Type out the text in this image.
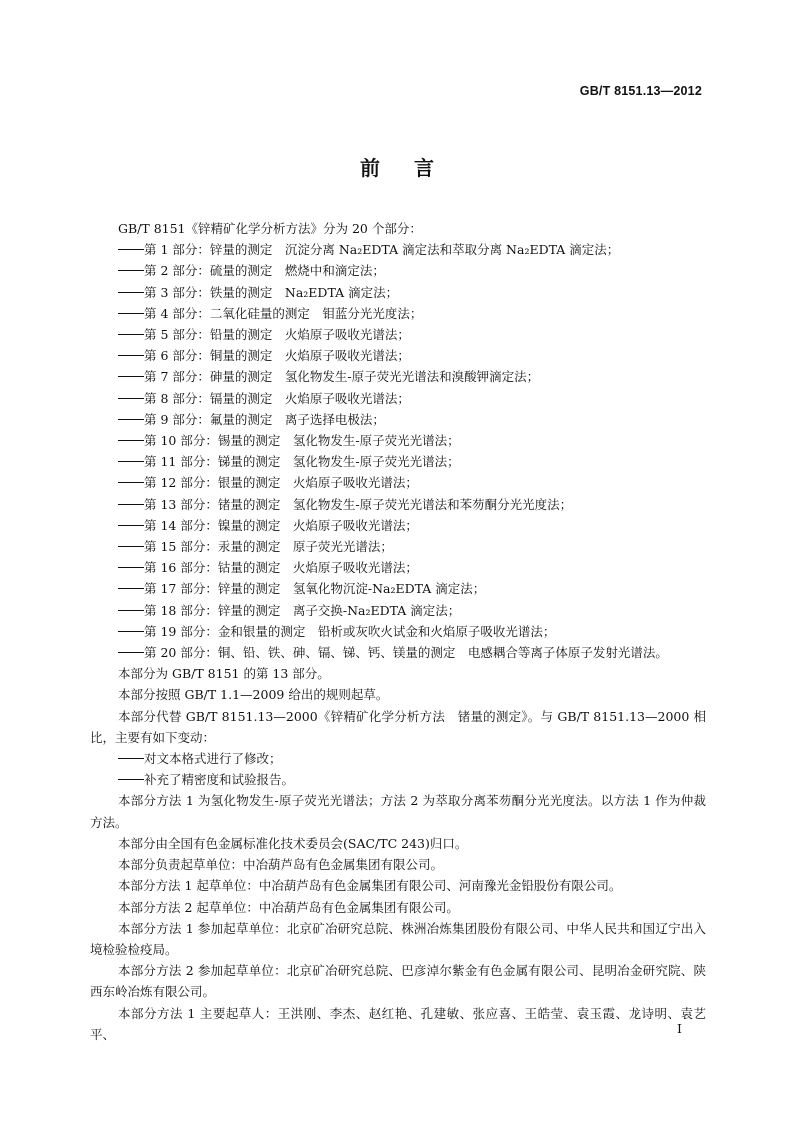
GB/T 8151.13—2012
前言

GB/T 8151《锌精矿化学分析方法》分为 20 个部分：

第 1 部分：锌量的测定　沉淀分离 Na₂EDTA 滴定法和萃取分离 Na₂EDTA 滴定法；

第 2 部分：硫量的测定　燃烧中和滴定法；

第 3 部分：铁量的测定　Na₂EDTA 滴定法；

第 4 部分：二氧化硅量的测定　钼蓝分光光度法；

第 5 部分：铅量的测定　火焰原子吸收光谱法；

第 6 部分：铜量的测定　火焰原子吸收光谱法；

第 7 部分：砷量的测定　氢化物发生-原子荧光光谱法和溴酸钾滴定法；

第 8 部分：镉量的测定　火焰原子吸收光谱法；

第 9 部分：氟量的测定　离子选择电极法；

第 10 部分：锡量的测定　氢化物发生-原子荧光光谱法；

第 11 部分：锑量的测定　氢化物发生-原子荧光光谱法；

第 12 部分：银量的测定　火焰原子吸收光谱法；

第 13 部分：锗量的测定　氢化物发生-原子荧光光谱法和苯芴酮分光光度法；

第 14 部分：镍量的测定　火焰原子吸收光谱法；

第 15 部分：汞量的测定　原子荧光光谱法；

第 16 部分：钴量的测定　火焰原子吸收光谱法；

第 17 部分：锌量的测定　氢氧化物沉淀-Na₂EDTA 滴定法；

第 18 部分：锌量的测定　离子交换-Na₂EDTA 滴定法；

第 19 部分：金和银量的测定　铅析或灰吹火试金和火焰原子吸收光谱法；

第 20 部分：铜、铅、铁、砷、镉、锑、钙、镁量的测定　电感耦合等离子体原子发射光谱法。

本部分为 GB/T 8151 的第 13 部分。

本部分按照 GB/T 1.1—2009 给出的规则起草。

本部分代替 GB/T 8151.13—2000《锌精矿化学分析方法　锗量的测定》。与 GB/T 8151.13—2000 相比，主要有如下变动：

对文本格式进行了修改；

补充了精密度和试验报告。

本部分方法 1 为氢化物发生-原子荧光光谱法；方法 2 为萃取分离苯芴酮分光光度法。以方法 1 作为仲裁方法。

本部分由全国有色金属标准化技术委员会(SAC/TC 243)归口。

本部分负责起草单位：中冶葫芦岛有色金属集团有限公司。

本部分方法 1 起草单位：中冶葫芦岛有色金属集团有限公司、河南豫光金铅股份有限公司。

本部分方法 2 起草单位：中冶葫芦岛有色金属集团有限公司。

本部分方法 1 参加起草单位：北京矿冶研究总院、株洲冶炼集团股份有限公司、中华人民共和国辽宁出入境检验检疫局。

本部分方法 2 参加起草单位：北京矿冶研究总院、巴彦淖尔紫金有色金属有限公司、昆明冶金研究院、陕西东岭冶炼有限公司。

本部分方法 1 主要起草人：王洪刚、李杰、赵红艳、孔建敏、张应喜、王皓莹、袁玉霞、龙诗明、袁艺平、	I
